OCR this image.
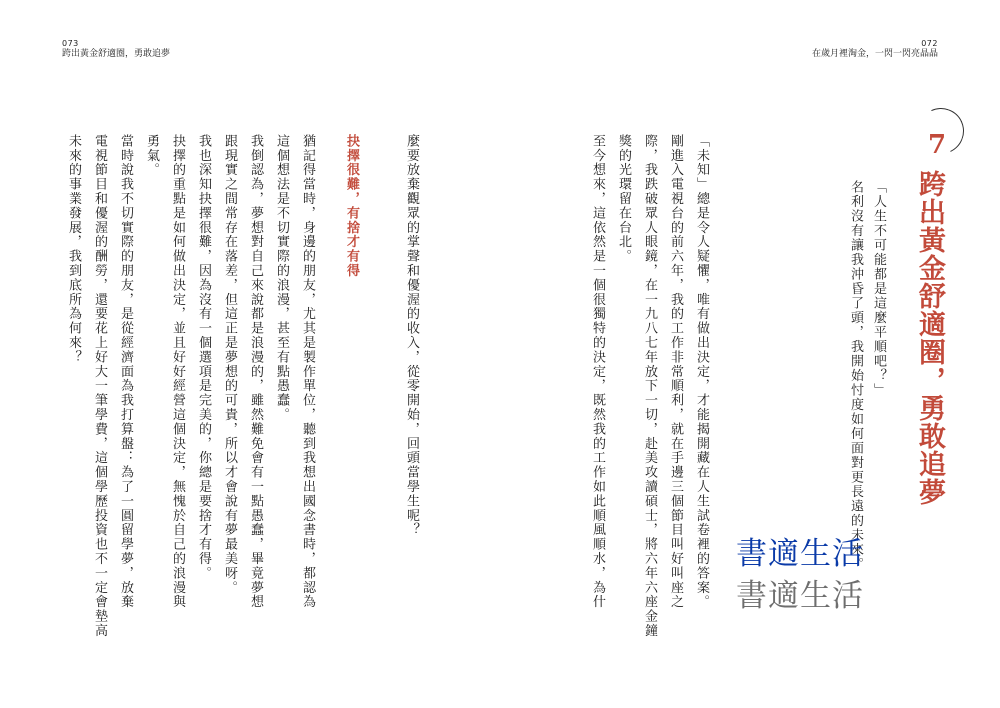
073
跨出黃金舒適圈，勇敢追夢
072
在歲月裡淘金，一閃一閃亮晶晶
7
跨出黃金舒適圈，勇敢追夢
「人生不可能都是這麼平順吧？」
名利沒有讓我沖昏了頭，我開始忖度如何面對更長遠的未來。
「未知」總是令人疑懼，唯有做出決定，才能揭開藏在人生試卷裡的答案。
剛進入電視台的前六年，我的工作非常順利，就在手邊三個節目叫好叫座之
際，我跌破眾人眼鏡，在一九八七年放下一切，赴美攻讀碩士，將六年六座金鐘
獎的光環留在台北。
至今想來，這依然是一個很獨特的決定，既然我的工作如此順風順水，為什
麼要放棄觀眾的掌聲和優渥的收入，從零開始，回頭當學生呢？
抉擇很難，有捨才有得
猶記得當時，身邊的朋友，尤其是製作單位，聽到我想出國念書時，都認為
這個想法是不切實際的浪漫，甚至有點愚蠢。
我倒認為，夢想對自己來說都是浪漫的，雖然難免會有一點愚蠢，畢竟夢想
跟現實之間常存在落差，但這正是夢想的可貴，所以才會說有夢最美呀。
我也深知抉擇很難，因為沒有一個選項是完美的，你總是要捨才有得。
抉擇的重點是如何做出決定，並且好好經營這個決定，無愧於自己的浪漫與
勇氣。
當時說我不切實際的朋友，是從經濟面為我打算盤：為了一圓留學夢，放棄
電視節目和優渥的酬勞，還要花上好大一筆學費，這個學歷投資也不一定會墊高
未來的事業發展，我到底所為何來？
書適生活
書適生活
